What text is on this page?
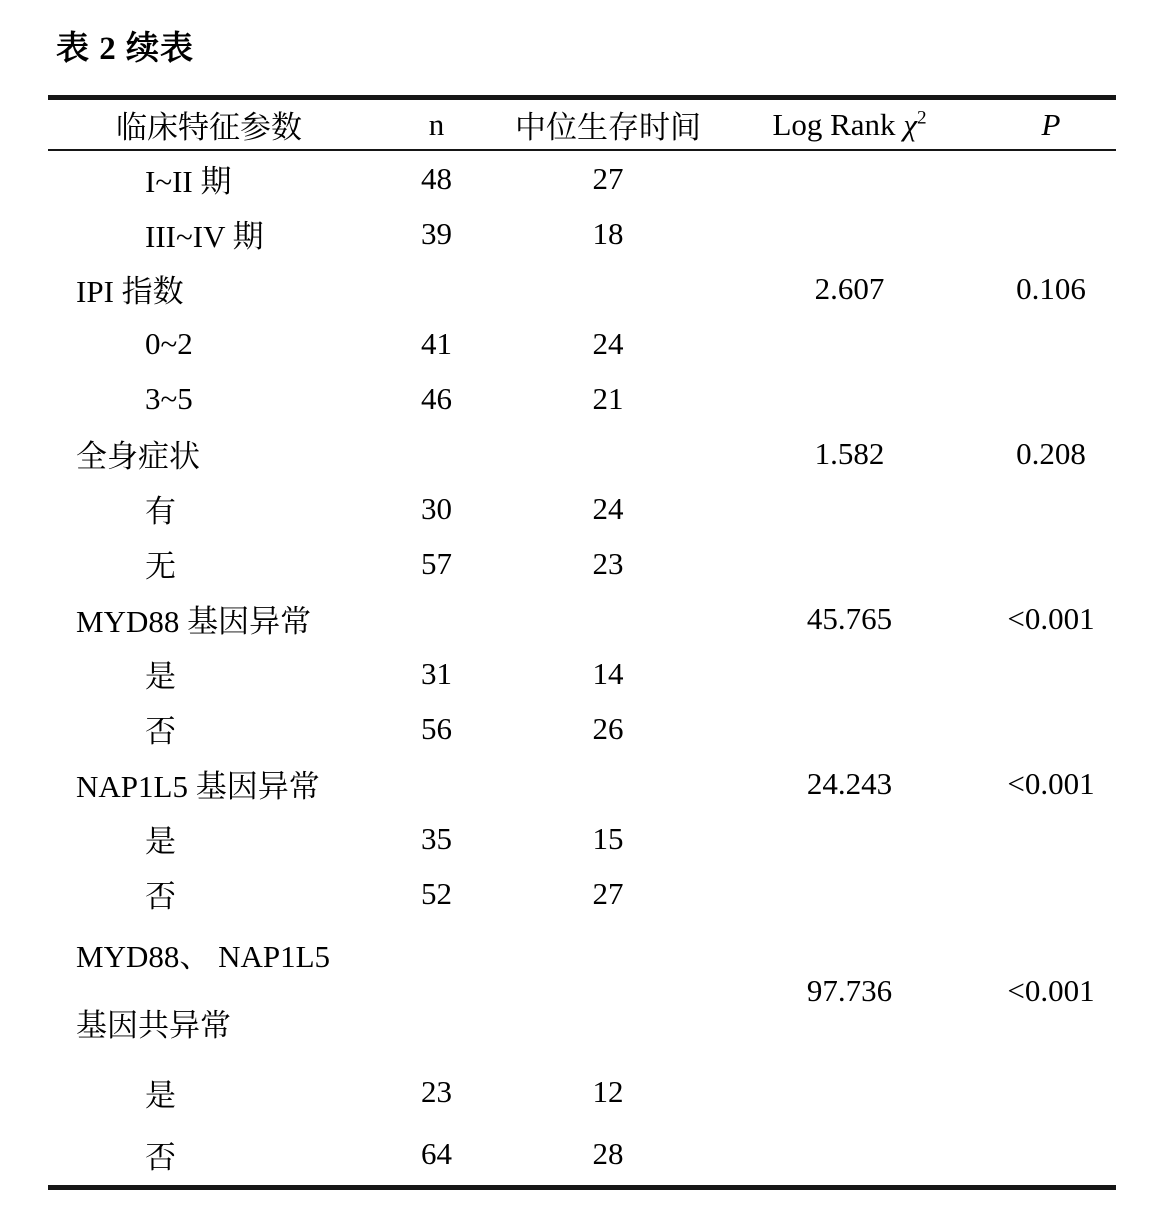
表 2 续表
临床特征参数	n	中位生存时间	Log Rank $\chi^2$	P
I~II 期	48	27		
III~IV 期	39	18		
IPI 指数			2.607	0.106
0~2	41	24		
3~5	46	21		
全身症状			1.582	0.208
有	30	24		
无	57	23		
MYD88 基因异常			45.765	<0.001
是	31	14		
否	56	26		
NAP1L5 基因异常			24.243	<0.001
是	35	15		
否	52	27		

MYD88、 NAP1L5
基因共异常			97.736	<0.001
是	23	12		
否	64	28		
